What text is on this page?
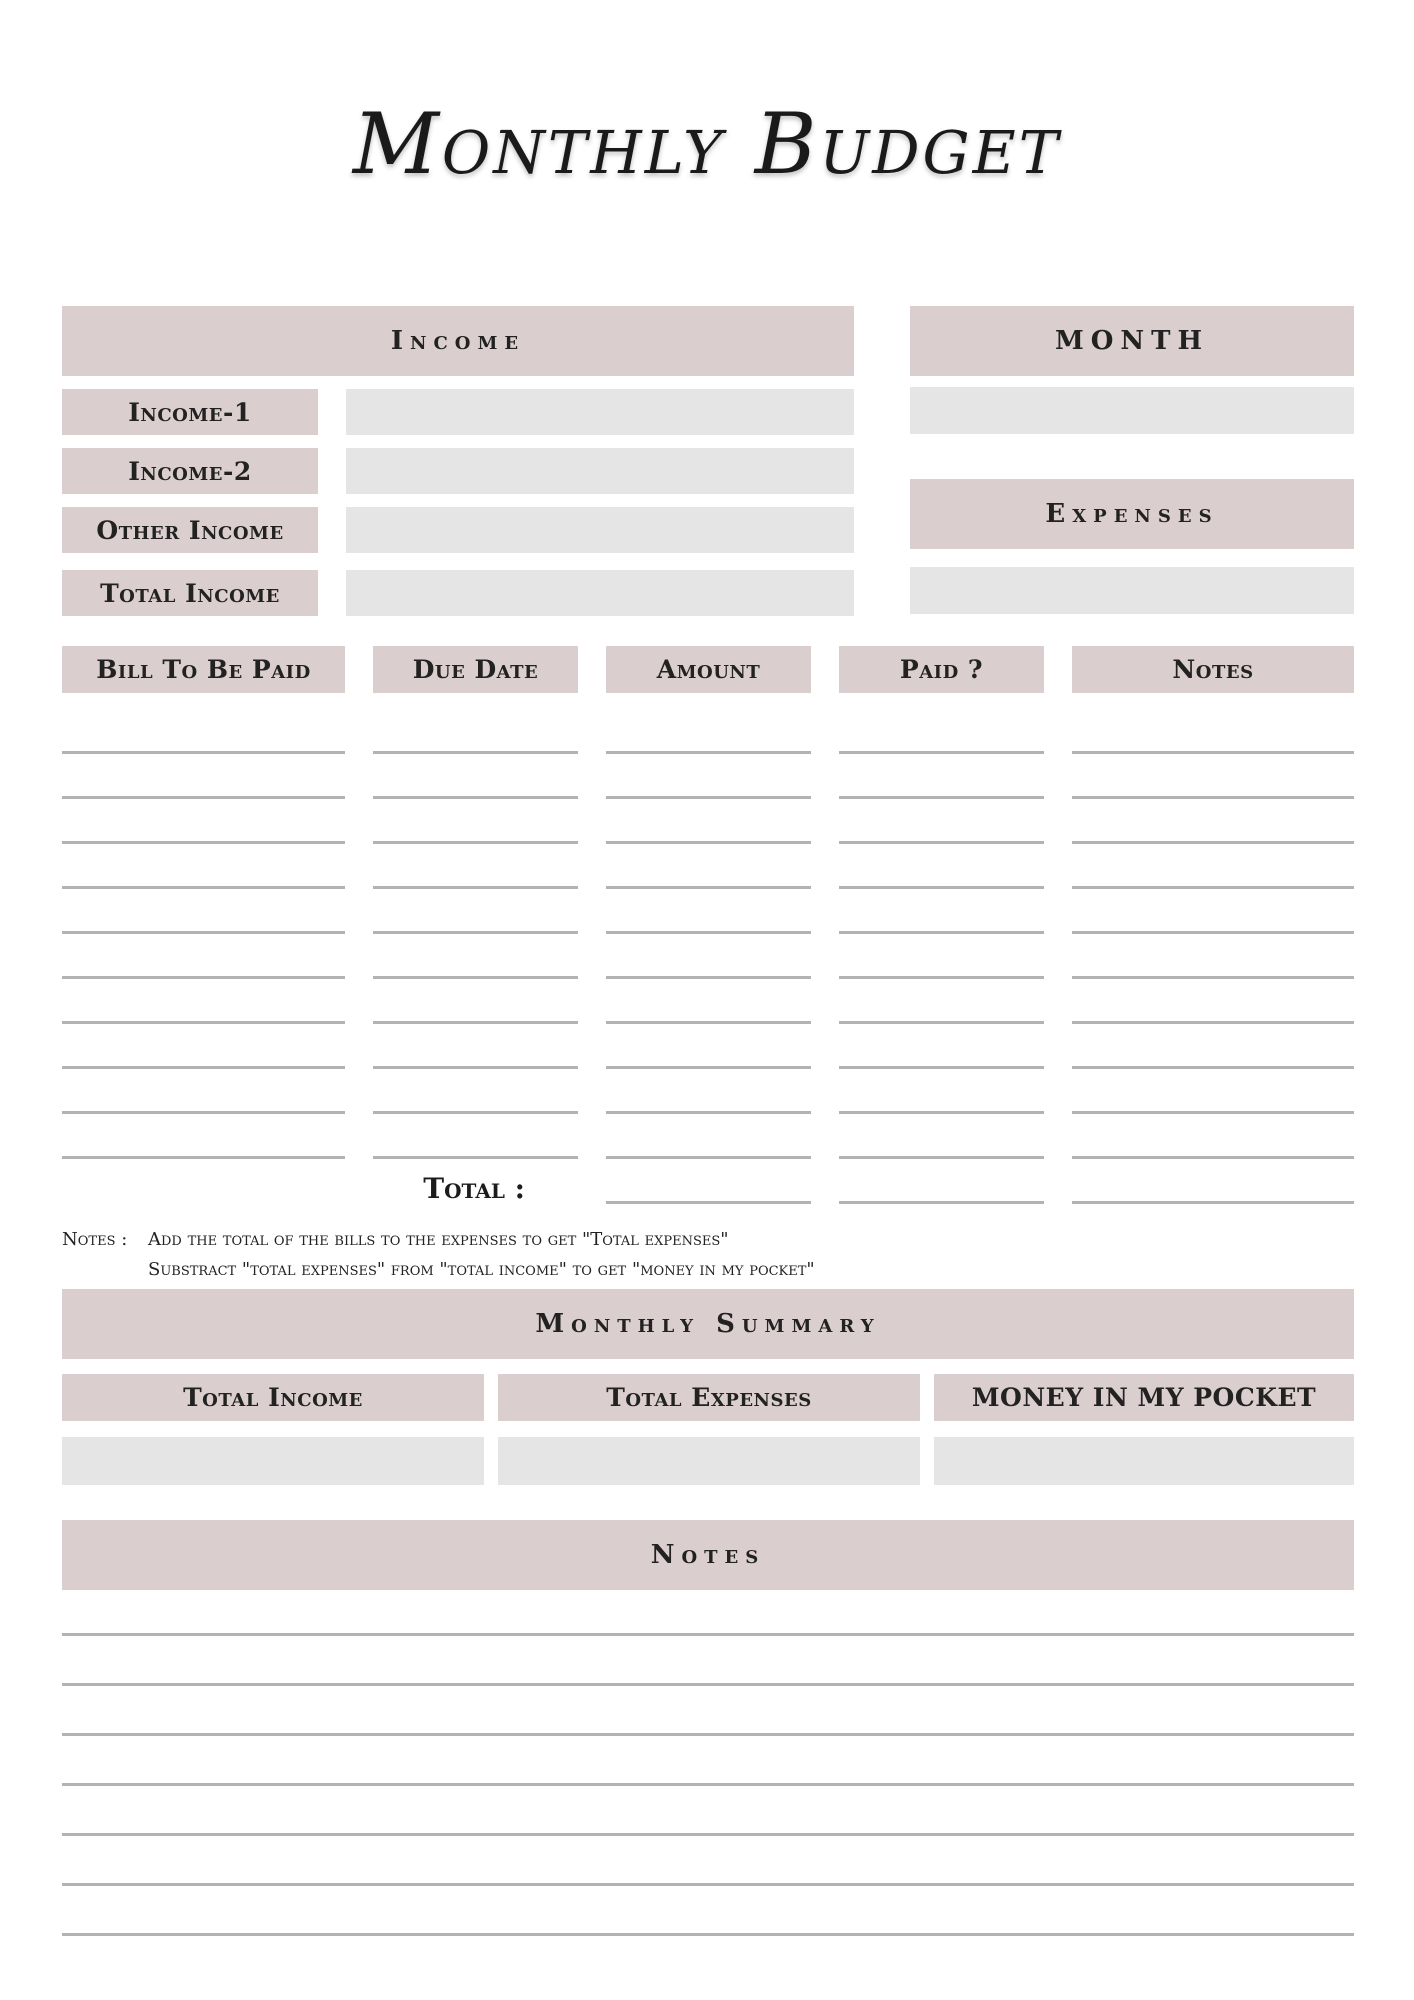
Monthly Budget
Income
Income-1
Income-2
Other Income
Total Income
MONTH
Expenses
Bill To Be Paid	Due Date	Amount	Paid ?	Notes
Total :
Notes : Add the total of the bills to the expenses to get "Total expenses"
Substract "total expenses" from "total income" to get "money in my pocket"
Monthly Summary
Total Income	Total Expenses	MONEY IN MY POCKET
Notes
